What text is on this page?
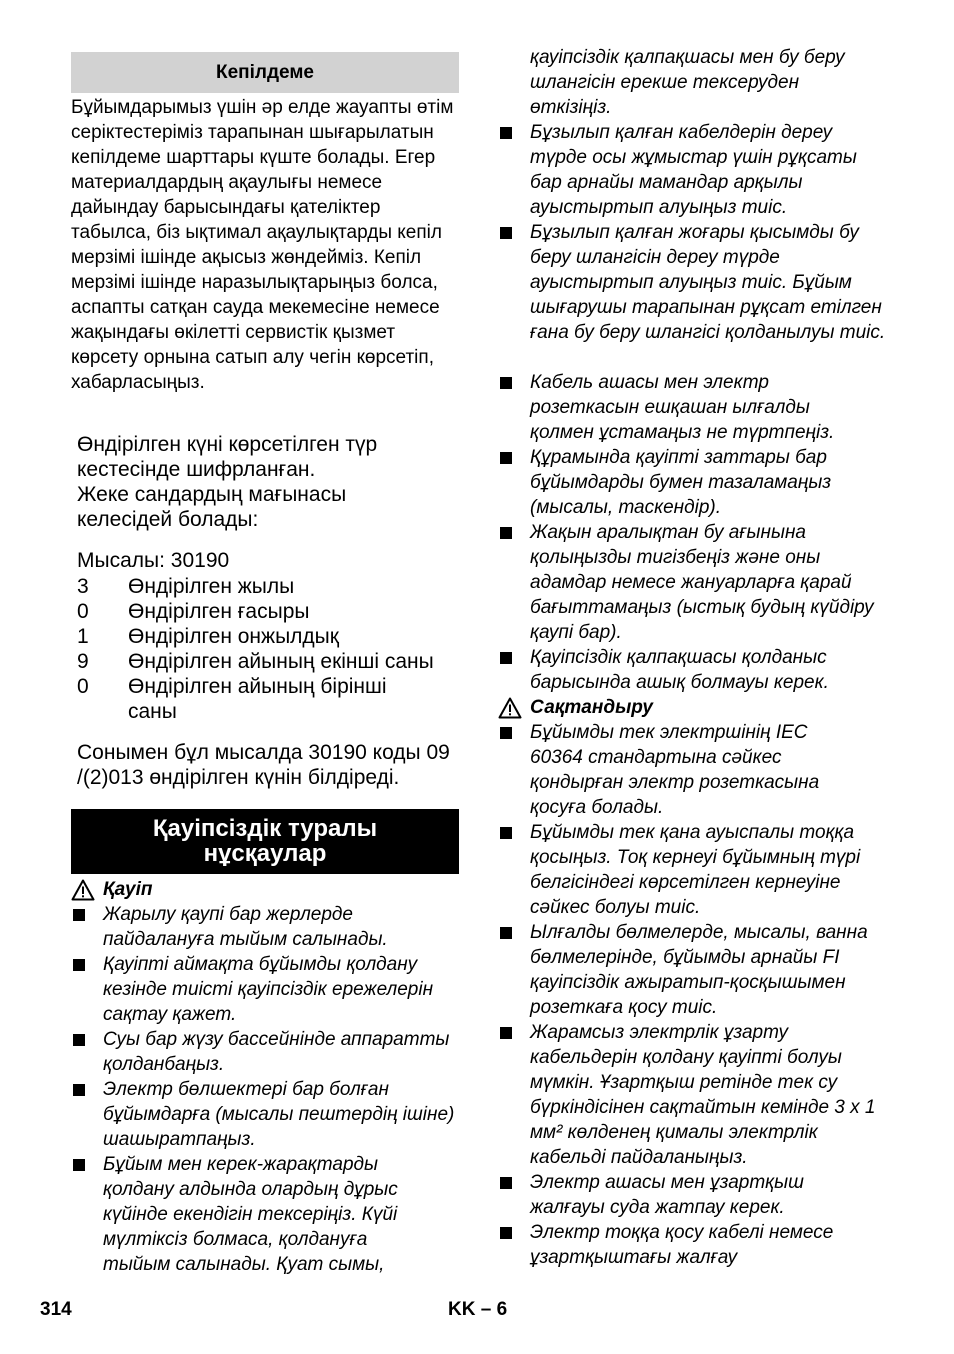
Кепілдеме
Бұйымдарымыз үшін әр елде жауапты өтім серіктестеріміз тарапынан шығарылатын кепілдеме шарттары күште болады. Егер материалдардың ақаулығы немесе дайындау барысындағы қателіктер табылса, біз ықтимал ақаулықтарды кепіл мерзімі ішінде ақысыз жөндейміз. Кепіл мерзімі ішінде наразылықтарыңыз болса, аспапты сатқан сауда мекемесіне немесе жақындағы өкілетті сервистік қызмет көрсету орнына сатып алу чегін көрсетіп, хабарласыңыз.
Өндірілген күні көрсетілген түр кестесінде шифрланған.
Жеке сандардың мағынасы келесідей болады:
Мысалы: 30190
3	Өндірілген жылы
0	Өндірілген ғасыры
1	Өндірілген онжылдық
9	Өндірілген айының екінші саны
0	Өндірілген айының бірінші саны
Сонымен бұл мысалда 30190 коды 09 /(2)013 өндірілген күнін білдіреді.
Қауіпсіздік туралы
нұсқаулар
Қауіп
Жарылу қаупі бар жерлерде пайдалануға тыйым салынады.
Қауіпті аймақта бұйымды қолдану кезінде тиісті қауіпсіздік ережелерін сақтау қажет.
Суы бар жүзу бассейнінде аппаратты қолданбаңыз.
Электр бөлшектері бар болған бұйымдарға (мысалы пештердің ішіне) шашыратпаңыз.
Бұйым мен керек-жарақтарды қолдану алдында олардың дұрыс күйінде екендігін тексеріңіз. Күйі мүлтіксіз болмаса, қолдануға тыйым салынады. Қуат сымы,
314
қауіпсіздік қалпақшасы мен бу беру шлангісін ерекше тексеруден өткізіңіз.
Бұзылып қалған кабелдерін дереу түрде осы жұмыстар үшін рұқсаты бар арнайы мамандар арқылы ауыстыртып алуыңыз тиіс.
Бұзылып қалған жоғары қысымды бу беру шлангісін дереу түрде ауыстыртып алуыңыз тиіс. Бұйым шығарушы тарапынан рұқсат етілген ғана бу беру шлангісі қолданылуы тиіс.
Кабель ашасы мен электр розеткасын ешқашан ылғалды қолмен ұстамаңыз не түртпеңіз.
Құрамында қауіпті заттары бар бұйымдарды бумен тазаламаңыз (мысалы, таскендір).
Жақын аралықтан бу ағынына қолыңызды тигізбеңіз және оны адамдар немесе жануарларға қарай бағыттамаңыз (ыстық будың күйдіру қаупі бар).
Қауіпсіздік қалпақшасы қолданыс барысында ашық болмауы керек.
Сақтандыру
Бұйымды тек электршінің IEC 60364 стандартына сәйкес қондырған электр розеткасына қосуға болады.
Бұйымды тек қана ауыспалы тоққа қосыңыз. Тоқ кернеуі бұйымның түрі белгісіндегі көрсетілген кернеуіне сәйкес болуы тиіс.
Ылғалды бөлмелерде, мысалы, ванна бөлмелерінде, бұйымды арнайы FI қауіпсіздік ажыратып-қосқышымен розеткаға қосу тиіс.
Жарамсыз электрлік ұзарту кабельдерін қолдану қауіпті болуы мүмкін. Ұзартқыш ретінде тек су бүркіндісінен сақтайтын кемінде 3 x 1 мм² көлденең қималы электрлік кабельді пайдаланыңыз.
Электр ашасы мен ұзартқыш жалғауы суда жатпау керек.
Электр тоққа қосу кабелі немесе ұзартқыштағы жалғау
KK – 6
